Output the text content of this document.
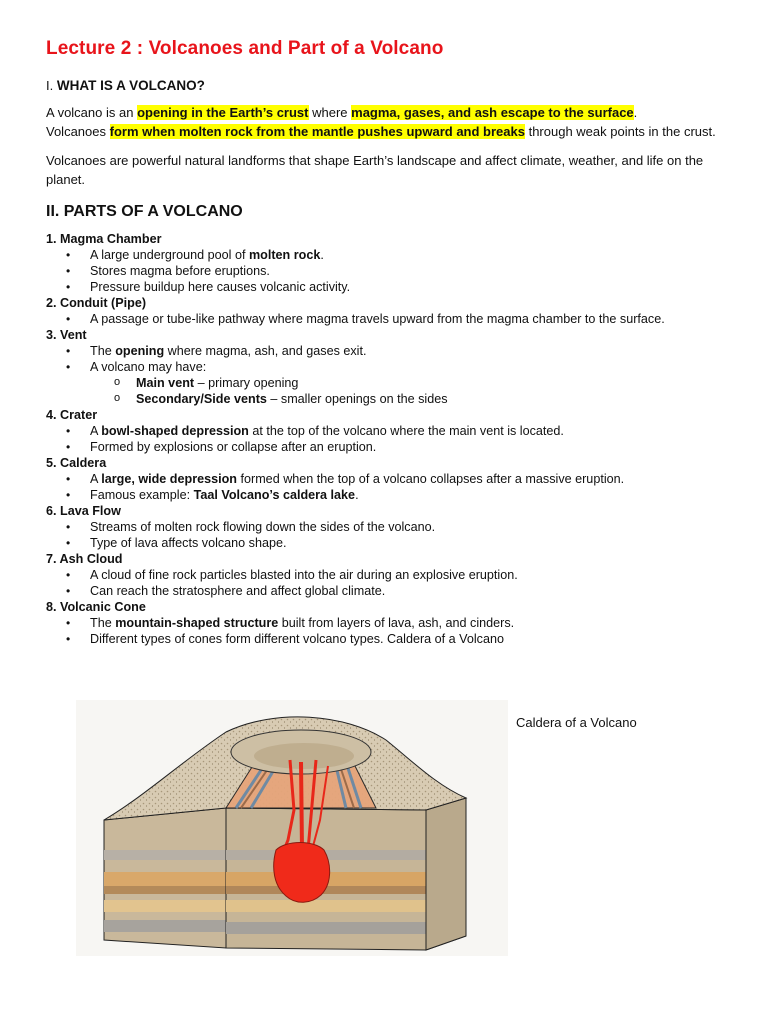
Lecture 2 : Volcanoes and Part of a Volcano
I. WHAT IS A VOLCANO?

A volcano is an opening in the Earth’s crust where magma, gases, and ash escape to the surface.
Volcanoes form when molten rock from the mantle pushes upward and breaks through weak points in the crust.

Volcanoes are powerful natural landforms that shape Earth’s landscape and affect climate, weather, and life on the planet.

II. PARTS OF A VOLCANO
1. Magma Chamber
• A large underground pool of molten rock.
• Stores magma before eruptions.
• Pressure buildup here causes volcanic activity.
2. Conduit (Pipe)
• A passage or tube-like pathway where magma travels upward from the magma chamber to the surface.
3. Vent
• The opening where magma, ash, and gases exit.
• A volcano may have:
o Main vent – primary opening
o Secondary/Side vents – smaller openings on the sides
4. Crater
• A bowl-shaped depression at the top of the volcano where the main vent is located.
• Formed by explosions or collapse after an eruption.
5. Caldera
• A large, wide depression formed when the top of a volcano collapses after a massive eruption.
• Famous example: Taal Volcano’s caldera lake.
6. Lava Flow
• Streams of molten rock flowing down the sides of the volcano.
• Type of lava affects volcano shape.
7. Ash Cloud
• A cloud of fine rock particles blasted into the air during an explosive eruption.
• Can reach the stratosphere and affect global climate.
8. Volcanic Cone
• The mountain-shaped structure built from layers of lava, ash, and cinders.
• Different types of cones form different volcano types. Caldera of a Volcano
Caldera of a Volcano
